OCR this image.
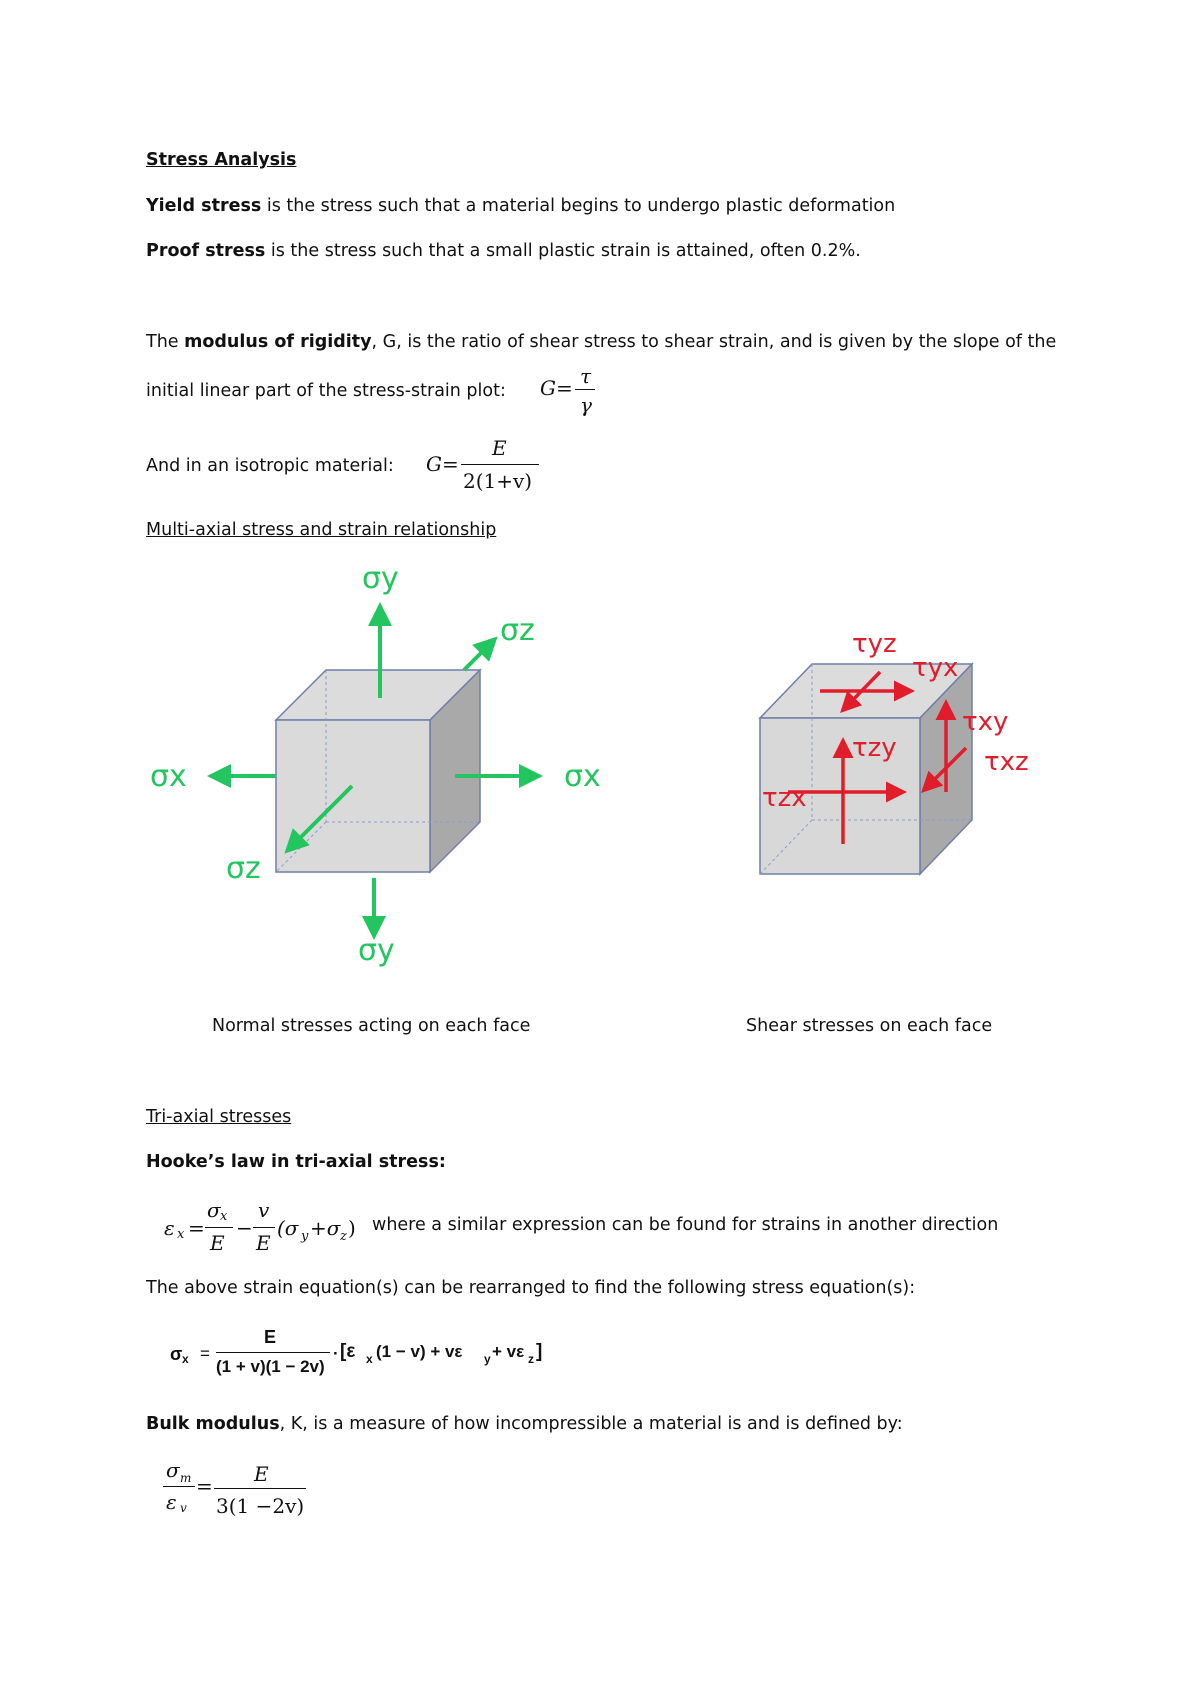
Stress Analysis
Yield stress is the stress such that a material begins to undergo plastic deformation
Proof stress is the stress such that a small plastic strain is attained, often 0.2%.
The modulus of rigidity, G, is the ratio of shear stress to shear strain, and is given by the slope of the
initial linear part of the stress-strain plot: G= τ
γ
And in an isotropic material: G=
E
2(1+v)
Multi-axial stress and strain relationship
σy
σz
σx	σx
σz
σy
τyz
τyx
τxy
τxz
τzy
τzx
Normal stresses acting on each face	Shear stresses on each face
Tri-axial stresses
Hooke’s law in tri-axial stress:
ε x =
σ x
E
−
v
E
(σ y +σ z ) where a similar expression can be found for strains in another direction
The above strain equation(s) can be rearranged to find the following stress equation(s):
σ x =
E
(1 + v)(1 − 2v)
· [ε x (1 − v) + vε y + vε z ]
Bulk modulus, K, is a measure of how incompressible a material is and is defined by:
σ m
ε v
= E
3(1 −2v)
